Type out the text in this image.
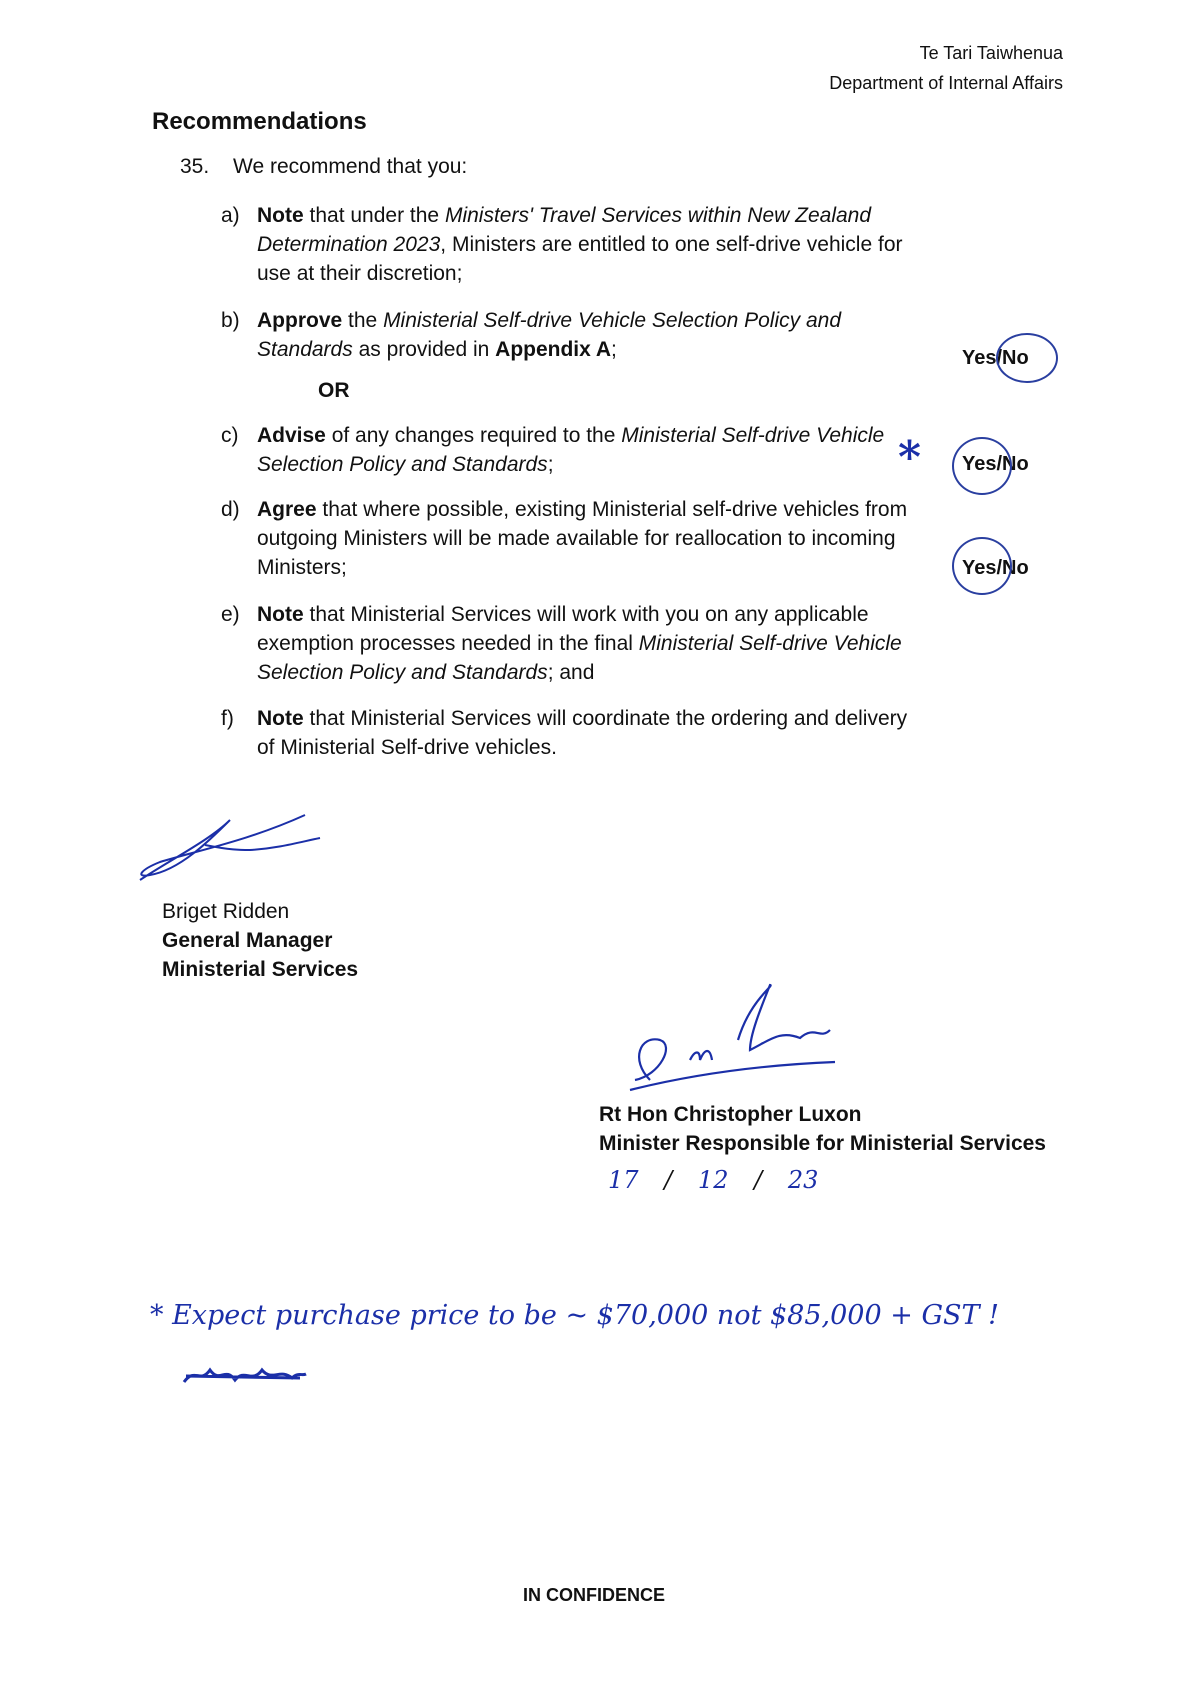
Te Tari Taiwhenua
Department of Internal Affairs
Recommendations
35. We recommend that you:
a) Note that under the Ministers' Travel Services within New Zealand Determination 2023, Ministers are entitled to one self-drive vehicle for use at their discretion;
b) Approve the Ministerial Self-drive Vehicle Selection Policy and Standards as provided in Appendix A;
OR
c) Advise of any changes required to the Ministerial Self-drive Vehicle Selection Policy and Standards;
d) Agree that where possible, existing Ministerial self-drive vehicles from outgoing Ministers will be made available for reallocation to incoming Ministers;
e) Note that Ministerial Services will work with you on any applicable exemption processes needed in the final Ministerial Self-drive Vehicle Selection Policy and Standards; and
f) Note that Ministerial Services will coordinate the ordering and delivery of Ministerial Self-drive vehicles.
Yes/No
Yes/No
*
Yes/No
Briget Ridden
General Manager
Ministerial Services
Rt Hon Christopher Luxon
Minister Responsible for Ministerial Services
17 / 12 / 23
* Expect purchase price to be ~ $70,000 not $85,000 + GST !
IN CONFIDENCE
